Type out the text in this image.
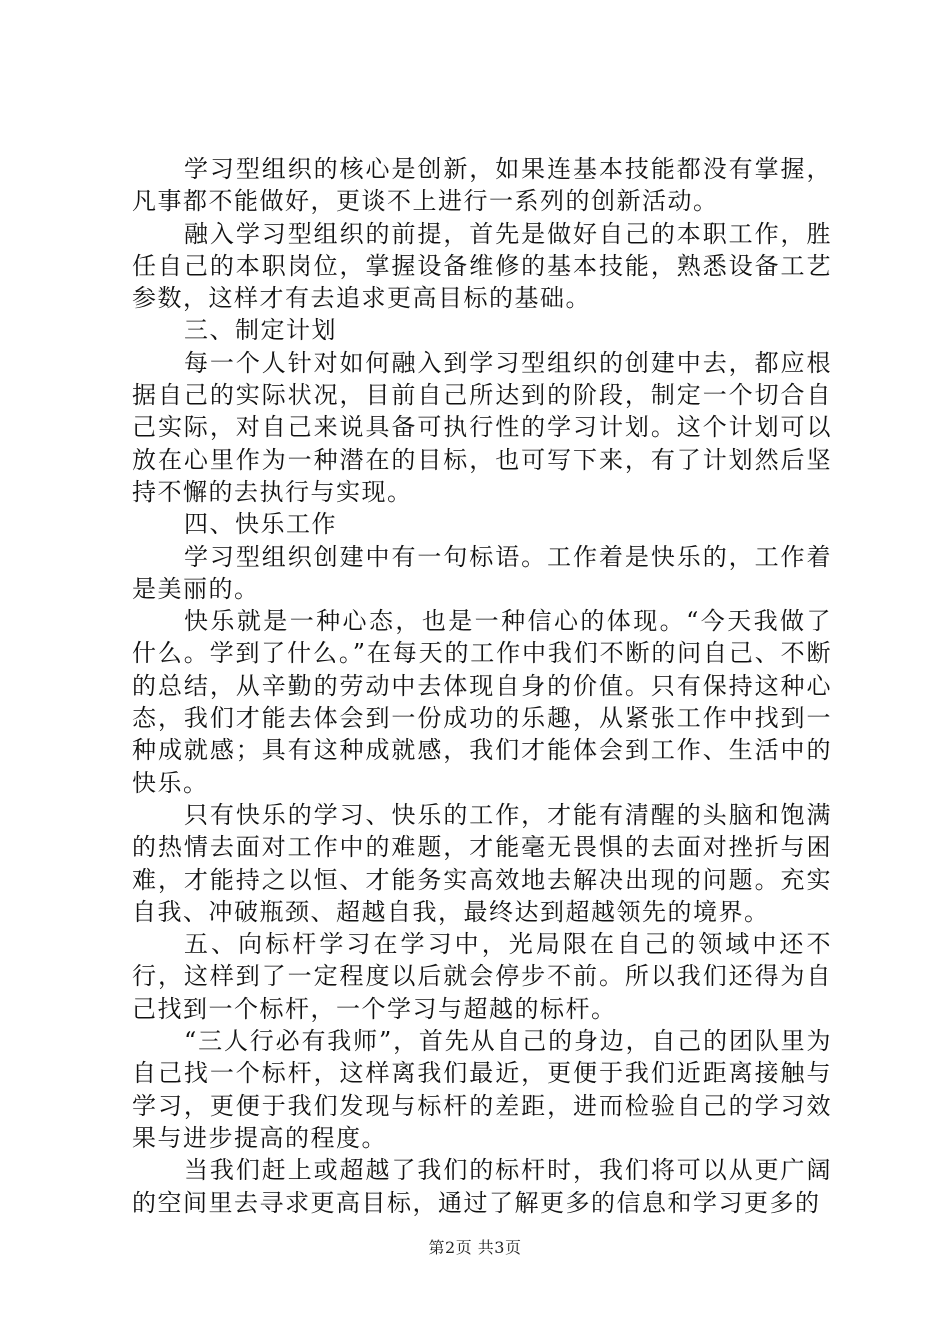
学习型组织的核心是创新，如果连基本技能都没有掌握，凡事都不能做好，更谈不上进行一系列的创新活动。

融入学习型组织的前提，首先是做好自己的本职工作，胜任自己的本职岗位，掌握设备维修的基本技能，熟悉设备工艺参数，这样才有去追求更高目标的基础。

三、制定计划

每一个人针对如何融入到学习型组织的创建中去，都应根据自己的实际状况，目前自己所达到的阶段，制定一个切合自己实际，对自己来说具备可执行性的学习计划。这个计划可以放在心里作为一种潜在的目标，也可写下来，有了计划然后坚持不懈的去执行与实现。

四、快乐工作

学习型组织创建中有一句标语。工作着是快乐的，工作着是美丽的。

快乐就是一种心态，也是一种信心的体现。“今天我做了什么。学到了什么。”在每天的工作中我们不断的问自己、不断的总结，从辛勤的劳动中去体现自身的价值。只有保持这种心态，我们才能去体会到一份成功的乐趣，从紧张工作中找到一种成就感；具有这种成就感，我们才能体会到工作、生活中的快乐。

只有快乐的学习、快乐的工作，才能有清醒的头脑和饱满的热情去面对工作中的难题，才能毫无畏惧的去面对挫折与困难，才能持之以恒、才能务实高效地去解决出现的问题。充实自我、冲破瓶颈、超越自我，最终达到超越领先的境界。

五、向标杆学习在学习中，光局限在自己的领域中还不行，这样到了一定程度以后就会停步不前。所以我们还得为自己找到一个标杆，一个学习与超越的标杆。

“三人行必有我师”，首先从自己的身边，自己的团队里为自己找一个标杆，这样离我们最近，更便于我们近距离接触与学习，更便于我们发现与标杆的差距，进而检验自己的学习效果与进步提高的程度。

当我们赶上或超越了我们的标杆时，我们将可以从更广阔的空间里去寻求更高目标，通过了解更多的信息和学习更多的

第2页 共3页
